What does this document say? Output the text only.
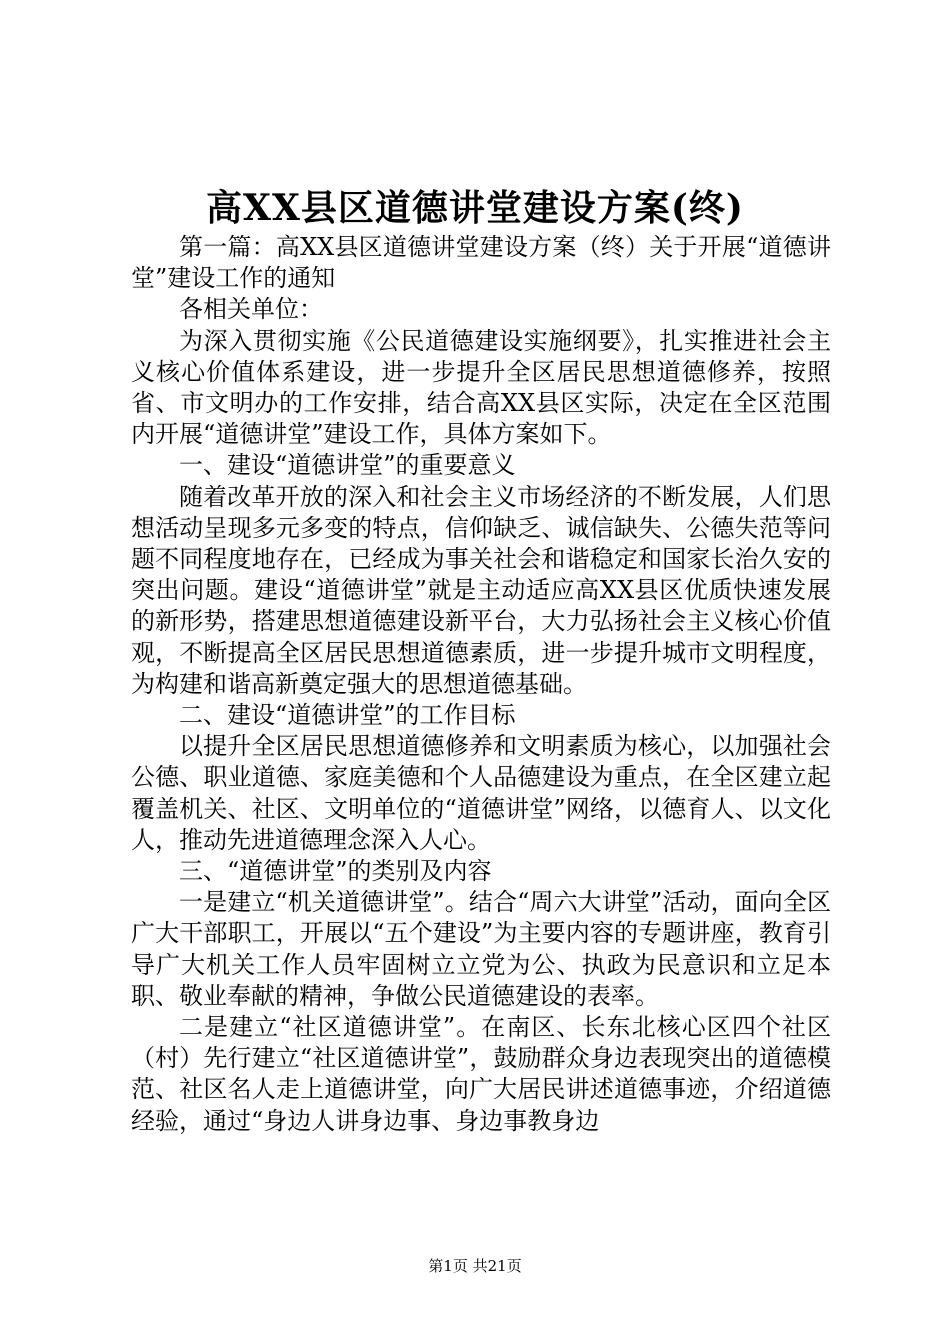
高XX县区道德讲堂建设方案(终)

第一篇：高XX县区道德讲堂建设方案（终）关于开展“道德讲堂”建设工作的通知

各相关单位：

为深入贯彻实施《公民道德建设实施纲要》，扎实推进社会主义核心价值体系建设，进一步提升全区居民思想道德修养，按照省、市文明办的工作安排，结合高XX县区实际，决定在全区范围内开展“道德讲堂”建设工作，具体方案如下。

一、建设“道德讲堂”的重要意义

随着改革开放的深入和社会主义市场经济的不断发展，人们思想活动呈现多元多变的特点，信仰缺乏、诚信缺失、公德失范等问题不同程度地存在，已经成为事关社会和谐稳定和国家长治久安的突出问题。建设“道德讲堂”就是主动适应高XX县区优质快速发展的新形势，搭建思想道德建设新平台，大力弘扬社会主义核心价值观，不断提高全区居民思想道德素质，进一步提升城市文明程度，为构建和谐高新奠定强大的思想道德基础。

二、建设“道德讲堂”的工作目标

以提升全区居民思想道德修养和文明素质为核心，以加强社会公德、职业道德、家庭美德和个人品德建设为重点，在全区建立起覆盖机关、社区、文明单位的“道德讲堂”网络，以德育人、以文化人，推动先进道德理念深入人心。

三、“道德讲堂”的类别及内容

一是建立“机关道德讲堂”。结合“周六大讲堂”活动，面向全区广大干部职工，开展以“五个建设”为主要内容的专题讲座，教育引导广大机关工作人员牢固树立立党为公、执政为民意识和立足本职、敬业奉献的精神，争做公民道德建设的表率。

二是建立“社区道德讲堂”。在南区、长东北核心区四个社区（村）先行建立“社区道德讲堂”，鼓励群众身边表现突出的道德模范、社区名人走上道德讲堂，向广大居民讲述道德事迹，介绍道德经验，通过“身边人讲身边事、身边事教身边

第1页 共21页
